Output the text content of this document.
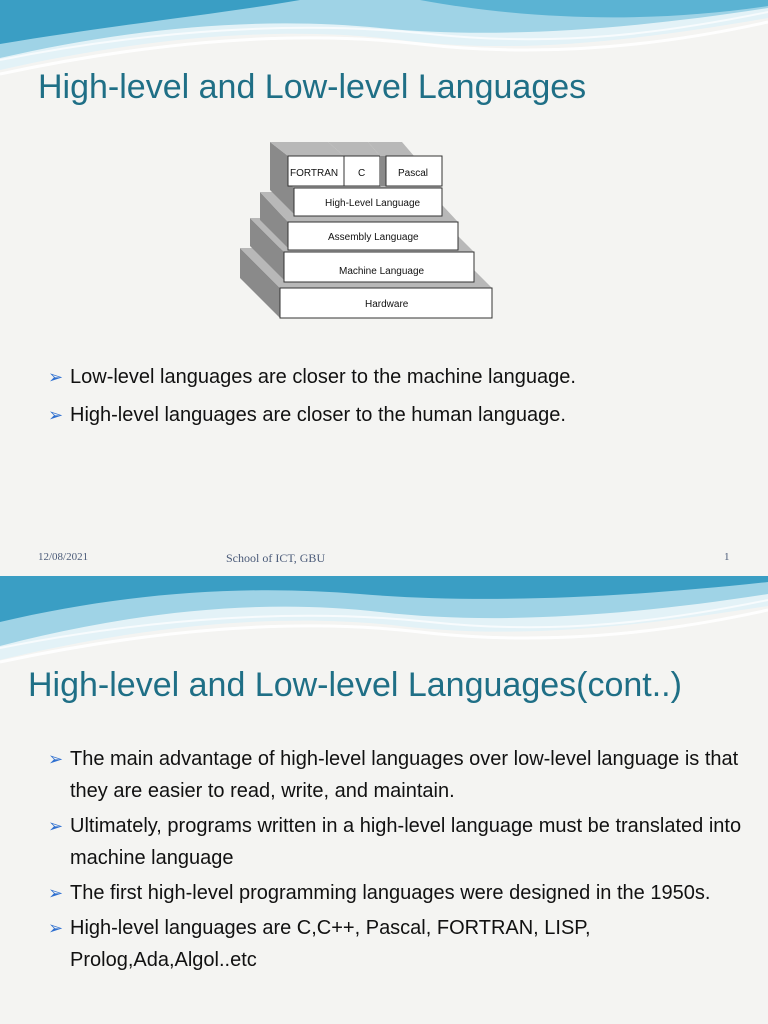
High-level and Low-level Languages
FORTRAN C	Pascal
High-Level Language
Assembly Language
Machine Language
Hardware
➢ Low-level languages are closer to the machine language.
➢ High-level languages are closer to the human language.
12/08/2021	School of ICT, GBU	1
High-level and Low-level Languages(cont..)
➢ The main advantage of high-level languages over low-level language is that they are easier to read, write, and maintain.
➢ Ultimately, programs written in a high-level language must be translated into machine language
➢ The first high-level programming languages were designed in the 1950s.
➢ High-level languages are C,C++, Pascal, FORTRAN, LISP, Prolog,Ada,Algol..etc
